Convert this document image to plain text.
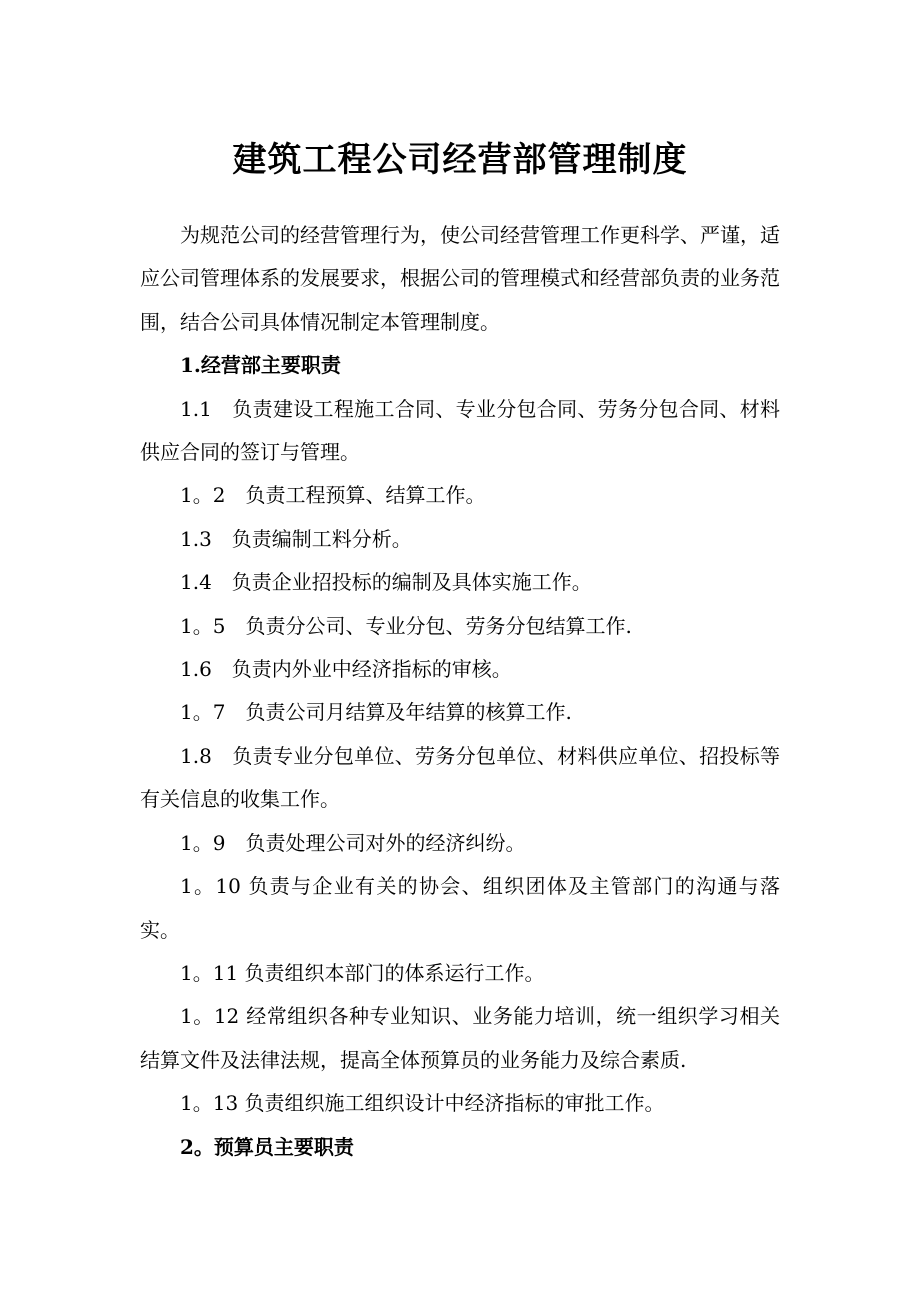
建筑工程公司经营部管理制度

为规范公司的经营管理行为，使公司经营管理工作更科学、严谨，适应公司管理体系的发展要求，根据公司的管理模式和经营部负责的业务范围，结合公司具体情况制定本管理制度。

1.经营部主要职责

1.1　负责建设工程施工合同、专业分包合同、劳务分包合同、材料供应合同的签订与管理。

1。2　负责工程预算、结算工作。

1.3　负责编制工料分析。

1.4　负责企业招投标的编制及具体实施工作。

1。5　负责分公司、专业分包、劳务分包结算工作.

1.6　负责内外业中经济指标的审核。

1。7　负责公司月结算及年结算的核算工作.

1.8　负责专业分包单位、劳务分包单位、材料供应单位、招投标等有关信息的收集工作。

1。9　负责处理公司对外的经济纠纷。

1。10 负责与企业有关的协会、组织团体及主管部门的沟通与落实。

1。11 负责组织本部门的体系运行工作。

1。12 经常组织各种专业知识、业务能力培训，统一组织学习相关结算文件及法律法规，提高全体预算员的业务能力及综合素质.

1。13 负责组织施工组织设计中经济指标的审批工作。

2。预算员主要职责
